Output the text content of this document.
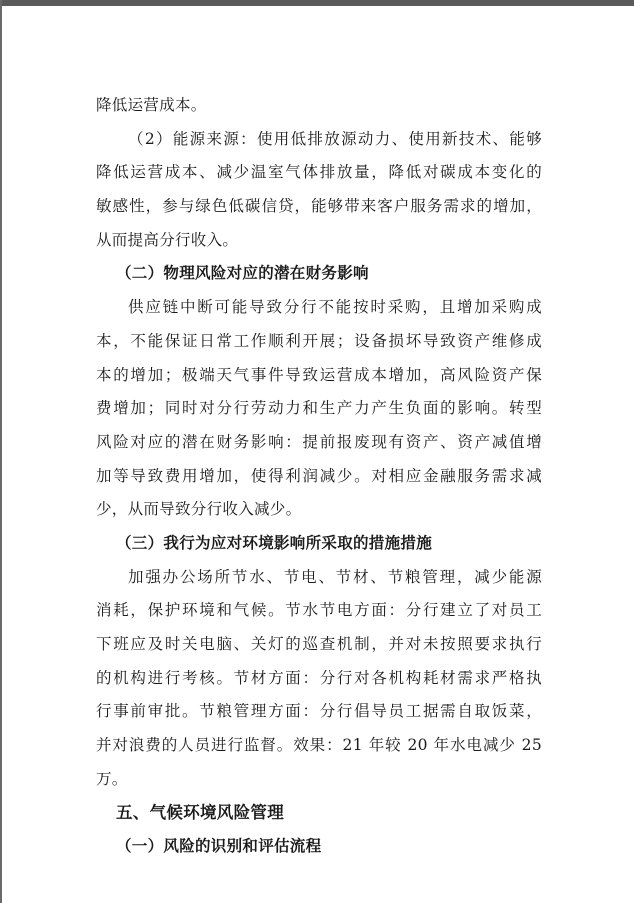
降低运营成本。
（2）能源来源：使用低排放源动力、使用新技术、能够
降低运营成本、减少温室气体排放量，降低对碳成本变化的
敏感性，参与绿色低碳信贷，能够带来客户服务需求的增加，
从而提高分行收入。
（二）物理风险对应的潜在财务影响
供应链中断可能导致分行不能按时采购，且增加采购成
本，不能保证日常工作顺利开展；设备损坏导致资产维修成
本的增加；极端天气事件导致运营成本增加，高风险资产保
费增加；同时对分行劳动力和生产力产生负面的影响。转型
风险对应的潜在财务影响：提前报废现有资产、资产减值增
加等导致费用增加，使得利润减少。对相应金融服务需求减
少，从而导致分行收入减少。
（三）我行为应对环境影响所采取的措施措施
加强办公场所节水、节电、节材、节粮管理，减少能源
消耗，保护环境和气候。节水节电方面：分行建立了对员工
下班应及时关电脑、关灯的巡查机制，并对未按照要求执行
的机构进行考核。节材方面：分行对各机构耗材需求严格执
行事前审批。节粮管理方面：分行倡导员工据需自取饭菜，
并对浪费的人员进行监督。效果：21 年较 20 年水电减少 25
万。
五、气候环境风险管理
（一）风险的识别和评估流程
